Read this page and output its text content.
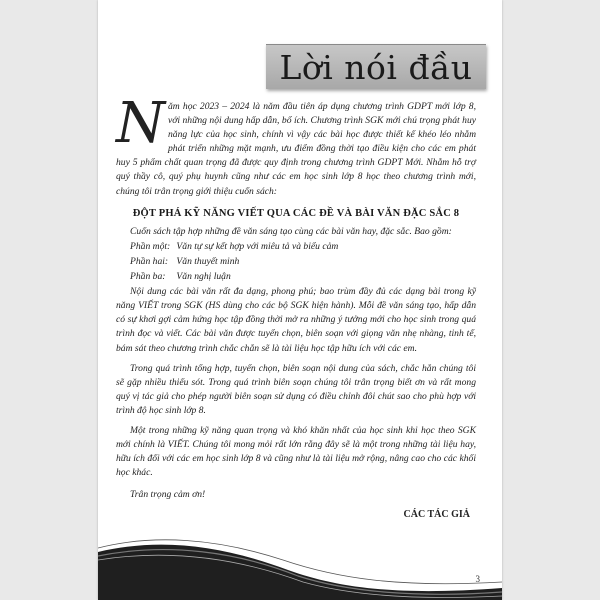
Lời nói đầu

Năm học 2023 – 2024 là năm đầu tiên áp dụng chương trình GDPT mới lớp 8, với những nội dung hấp dẫn, bổ ích. Chương trình SGK mới chú trọng phát huy năng lực của học sinh, chính vì vậy các bài học được thiết kế khéo léo nhằm phát triển những mặt mạnh, ưu điểm đồng thời tạo điều kiện cho các em phát huy 5 phẩm chất quan trọng đã được quy định trong chương trình GDPT Mới. Nhằm hỗ trợ quý thầy cô, quý phụ huynh cũng như các em học sinh lớp 8 học theo chương trình mới, chúng tôi trân trọng giới thiệu cuốn sách:

ĐỘT PHÁ KỸ NĂNG VIẾT QUA CÁC ĐỀ VÀ BÀI VĂN ĐẶC SẮC 8

Cuốn sách tập hợp những đề văn sáng tạo cùng các bài văn hay, đặc sắc. Bao gồm:

Phần một: Văn tự sự kết hợp với miêu tả và biểu cảm
Phần hai: Văn thuyết minh
Phần ba: Văn nghị luận

Nội dung các bài văn rất đa dạng, phong phú; bao trùm đầy đủ các dạng bài trong kỹ năng VIẾT trong SGK (HS dùng cho các bộ SGK hiện hành). Mỗi đề văn sáng tạo, hấp dẫn có sự khơi gợi cảm hứng học tập đồng thời mở ra những ý tưởng mới cho học sinh trong quá trình đọc và viết. Các bài văn được tuyển chọn, biên soạn với giọng văn nhẹ nhàng, tinh tế, bám sát theo chương trình chắc chắn sẽ là tài liệu học tập hữu ích với các em.

Trong quá trình tổng hợp, tuyển chọn, biên soạn nội dung của sách, chắc hẳn chúng tôi sẽ gặp nhiều thiếu sót. Trong quá trình biên soạn chúng tôi trân trọng biết ơn và rất mong quý vị tác giả cho phép người biên soạn sử dụng có điều chỉnh đôi chút sao cho phù hợp với trình độ học sinh lớp 8.

Một trong những kỹ năng quan trọng và khó khăn nhất của học sinh khi học theo SGK mới chính là VIẾT. Chúng tôi mong mỏi rất lớn rằng đây sẽ là một trong những tài liệu hay, hữu ích đối với các em học sinh lớp 8 và cũng như là tài liệu mở rộng, nâng cao cho các khối học khác.

Trân trọng cảm ơn!

CÁC TÁC GIẢ

3
